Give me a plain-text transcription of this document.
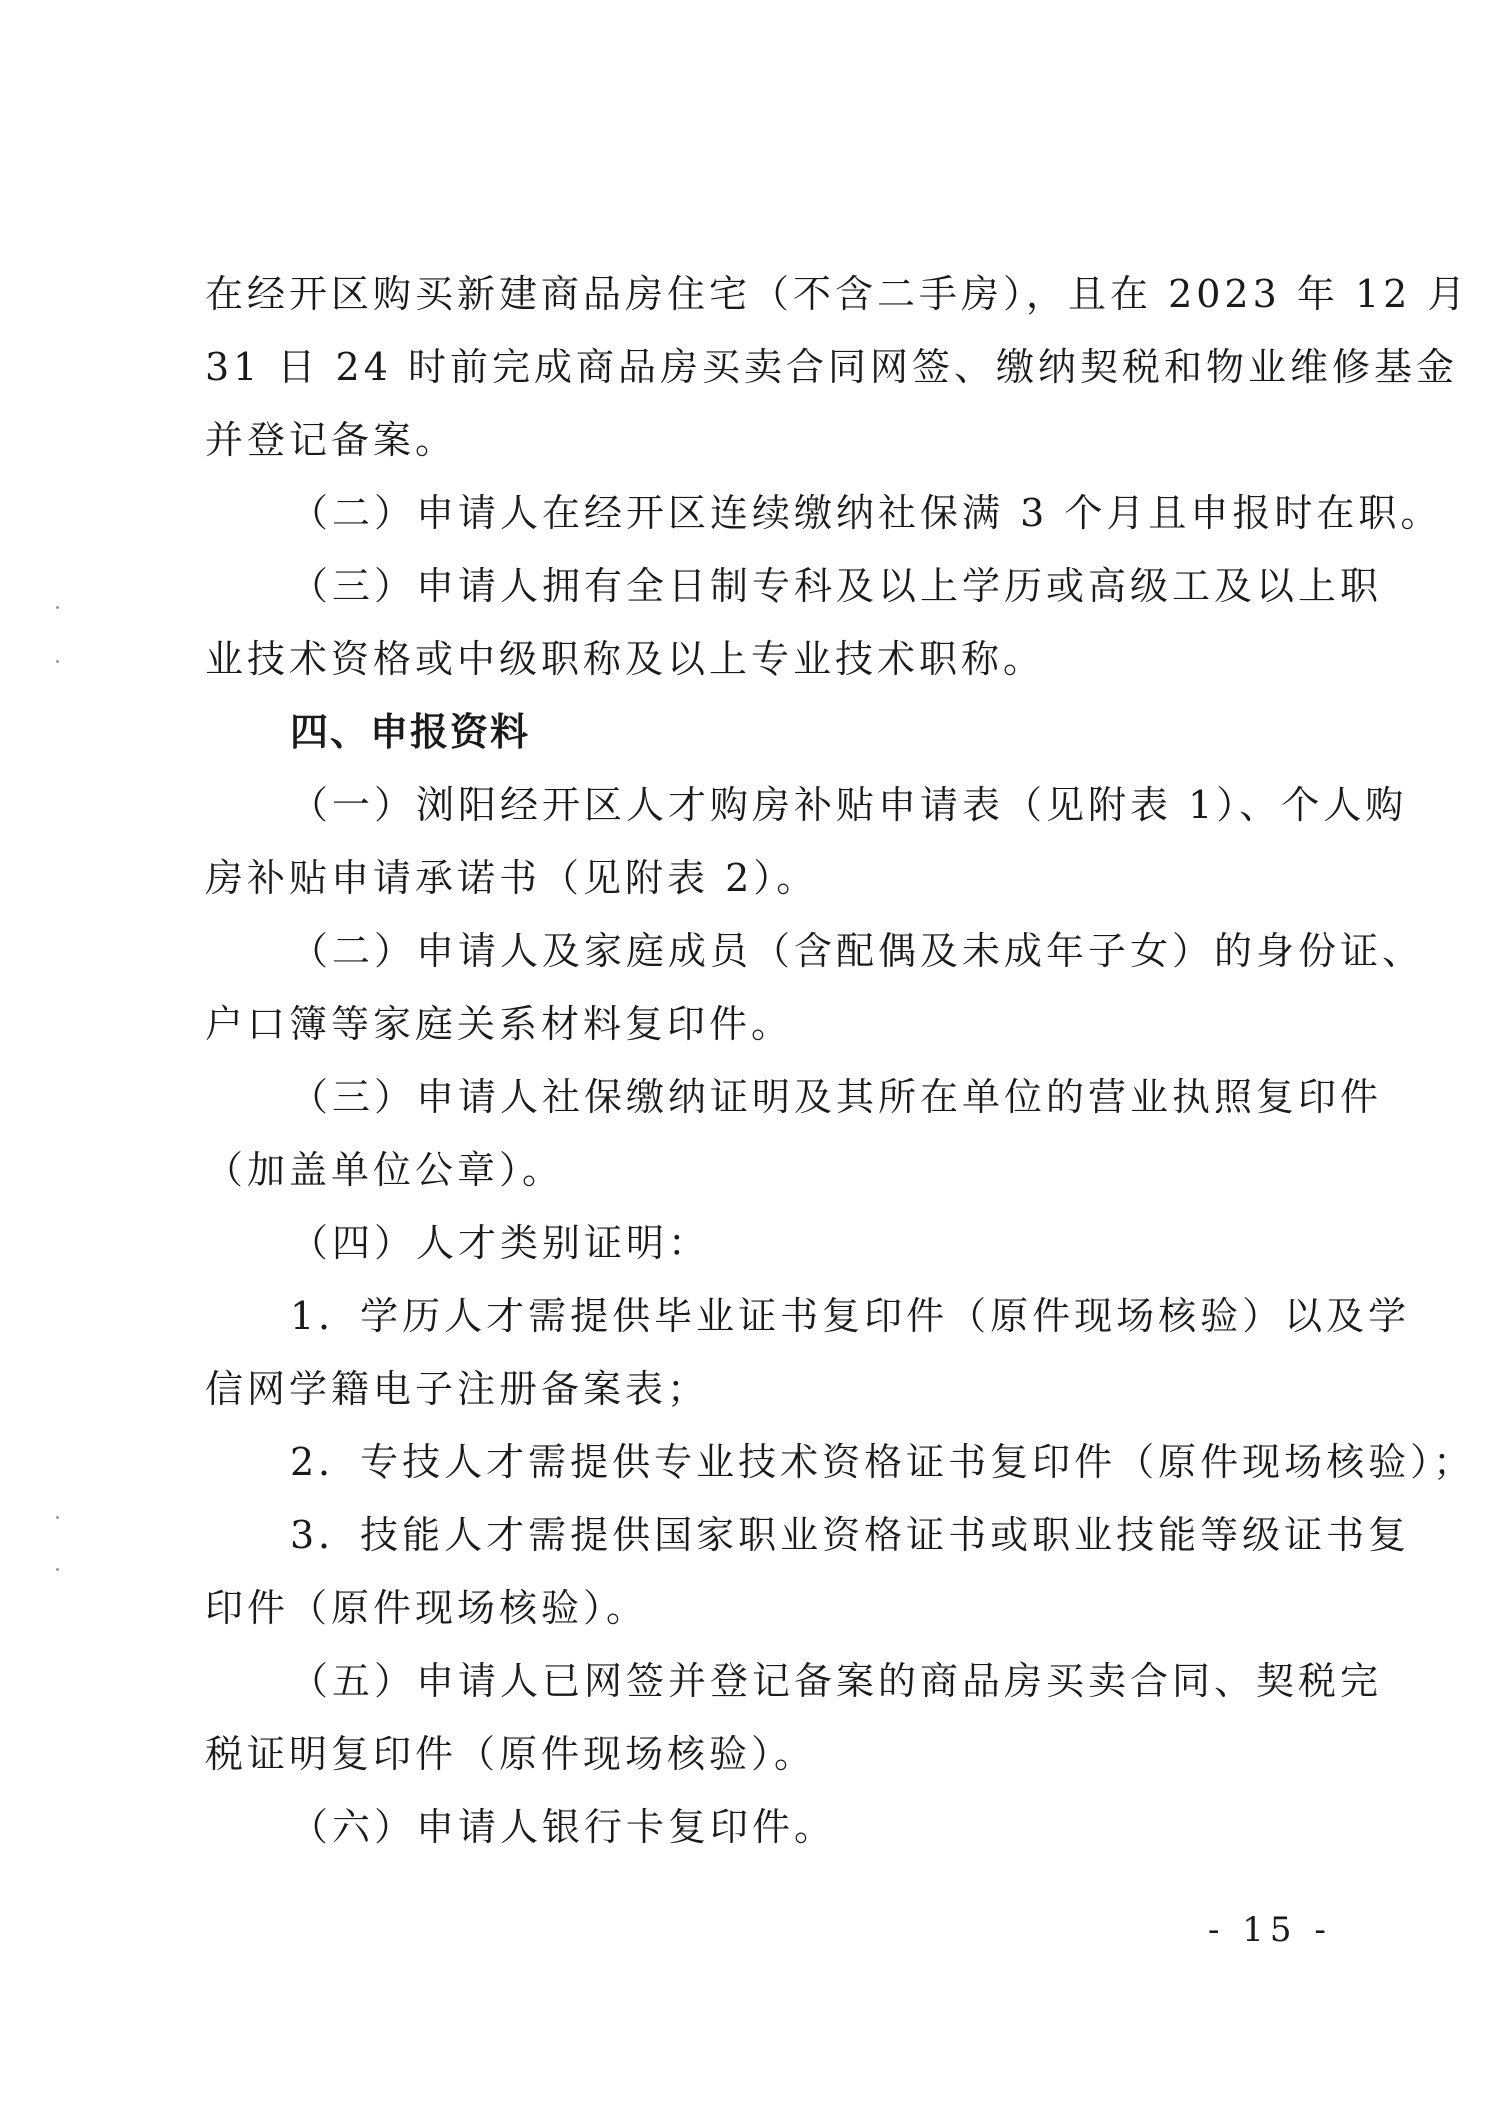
在经开区购买新建商品房住宅（不含二手房），且在 2023 年 12 月
31 日 24 时前完成商品房买卖合同网签、缴纳契税和物业维修基金
并登记备案。
（二）申请人在经开区连续缴纳社保满 3 个月且申报时在职。
（三）申请人拥有全日制专科及以上学历或高级工及以上职
业技术资格或中级职称及以上专业技术职称。
四、申报资料
（一）浏阳经开区人才购房补贴申请表（见附表 1）、个人购
房补贴申请承诺书（见附表 2）。
（二）申请人及家庭成员（含配偶及未成年子女）的身份证、
户口簿等家庭关系材料复印件。
（三）申请人社保缴纳证明及其所在单位的营业执照复印件
（加盖单位公章）。
（四）人才类别证明：
1．学历人才需提供毕业证书复印件（原件现场核验）以及学
信网学籍电子注册备案表；
2．专技人才需提供专业技术资格证书复印件（原件现场核验）；
3．技能人才需提供国家职业资格证书或职业技能等级证书复
印件（原件现场核验）。
（五）申请人已网签并登记备案的商品房买卖合同、契税完
税证明复印件（原件现场核验）。
（六）申请人银行卡复印件。
- 15 -
